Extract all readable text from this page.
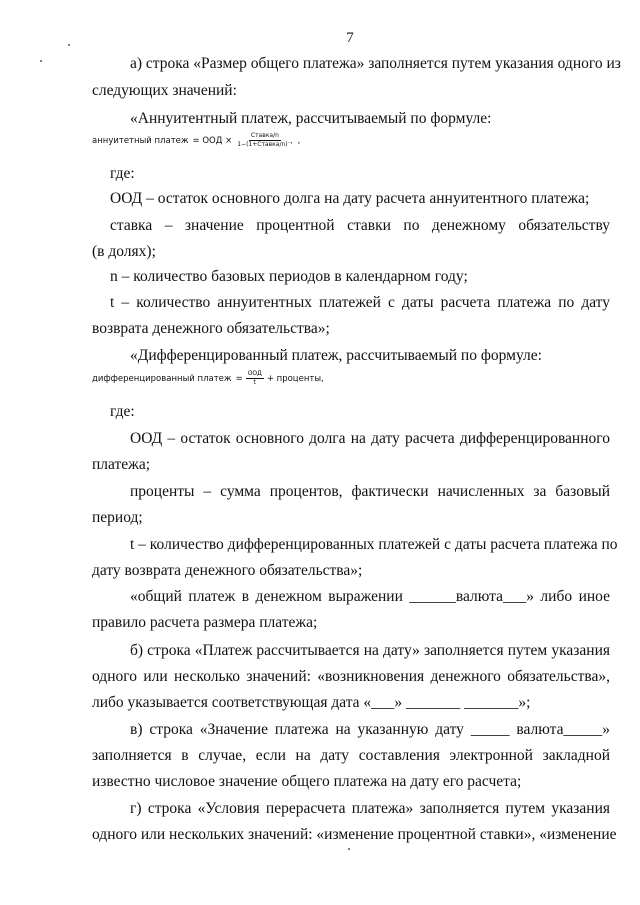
7
а) строка «Размер общего платежа» заполняется путем указания одного из
следующих значений:
«Аннуитентный платеж, рассчитываемый по формуле:
аннуитетный платеж = ООД × $\frac{\text{Ставка/n}}{\text{1−(1+Ставка/n)⁻ᵗ}}$ ,
где:
ООД – остаток основного долга на дату расчета аннуитентного платежа;
ставка – значение процентной ставки по денежному обязательству
(в долях);
n – количество базовых периодов в календарном году;
t – количество аннуитентных платежей с даты расчета платежа по дату
возврата денежного обязательства»;
«Дифференцированный платеж, рассчитываемый по формуле:
дифференцированный платеж = $\frac{\text{ООД}}{t}$ + проценты,
где:
ООД – остаток основного долга на дату расчета дифференцированного
платежа;
проценты – сумма процентов, фактически начисленных за базовый
период;
t – количество дифференцированных платежей с даты расчета платежа по
дату возврата денежного обязательства»;
«общий платеж в денежном выражении ______валюта___» либо иное
правило расчета размера платежа;
б) строка «Платеж рассчитывается на дату» заполняется путем указания
одного или несколько значений: «возникновения денежного обязательства»,
либо указывается соответствующая дата «___» _______ _______»;
в) строка «Значение платежа на указанную дату _____ валюта_____»
заполняется в случае, если на дату составления электронной закладной
известно числовое значение общего платежа на дату его расчета;
г) строка «Условия перерасчета платежа» заполняется путем указания
одного или нескольких значений: «изменение процентной ставки», «изменение
